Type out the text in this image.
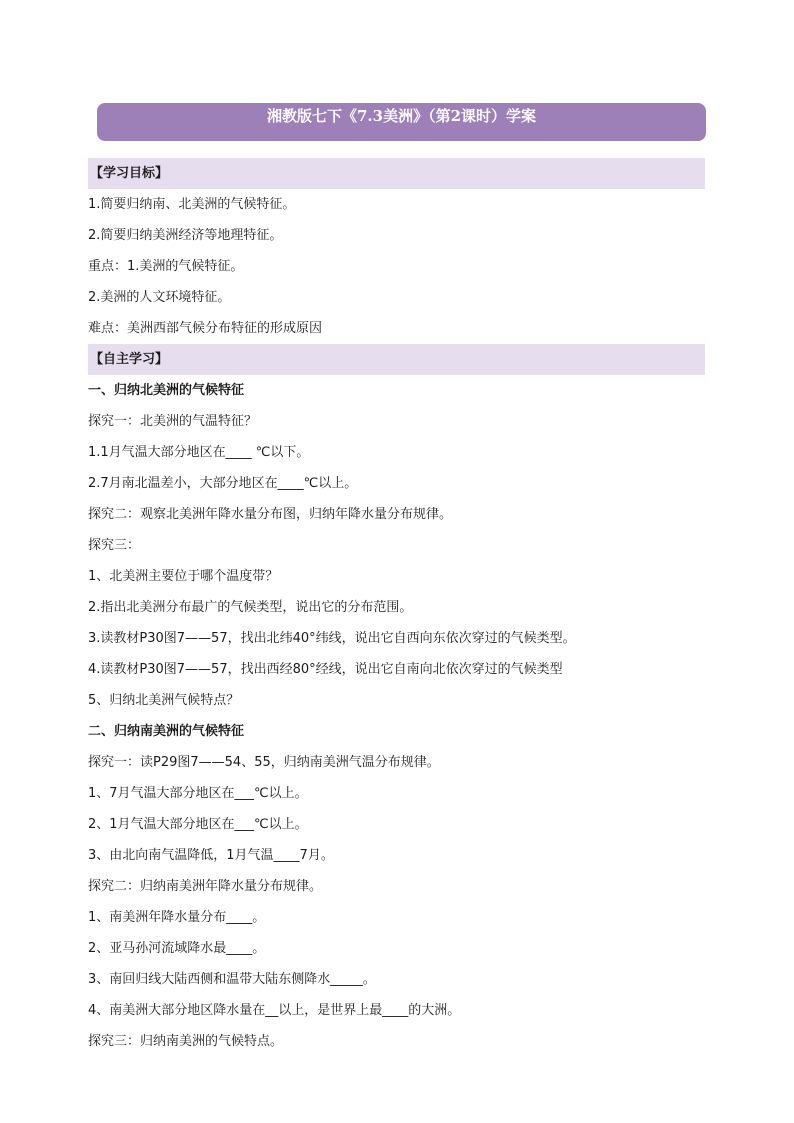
湘教版七下《7.3美洲》（第2课时）学案
【学习目标】
1.简要归纳南、北美洲的气候特征。
2.简要归纳美洲经济等地理特征。
重点：1.美洲的气候特征。
2.美洲的人文环境特征。
难点：美洲西部气候分布特征的形成原因
【自主学习】
一、归纳北美洲的气候特征
探究一：北美洲的气温特征？
1.1月气温大部分地区在____ ℃以下。
2.7月南北温差小，大部分地区在____℃以上。
探究二：观察北美洲年降水量分布图，归纳年降水量分布规律。
探究三：
1、北美洲主要位于哪个温度带？
2.指出北美洲分布最广的气候类型，说出它的分布范围。
3.读教材P30图7——57，找出北纬40°纬线，说出它自西向东依次穿过的气候类型。
4.读教材P30图7——57，找出西经80°经线，说出它自南向北依次穿过的气候类型
5、归纳北美洲气候特点？
二、归纳南美洲的气候特征
探究一：读P29图7——54、55，归纳南美洲气温分布规律。
1、7月气温大部分地区在___℃以上。
2、1月气温大部分地区在___℃以上。
3、由北向南气温降低，1月气温____7月。
探究二：归纳南美洲年降水量分布规律。
1、南美洲年降水量分布____。
2、亚马孙河流域降水最____。
3、南回归线大陆西侧和温带大陆东侧降水_____。
4、南美洲大部分地区降水量在__以上，是世界上最____的大洲。
探究三：归纳南美洲的气候特点。
